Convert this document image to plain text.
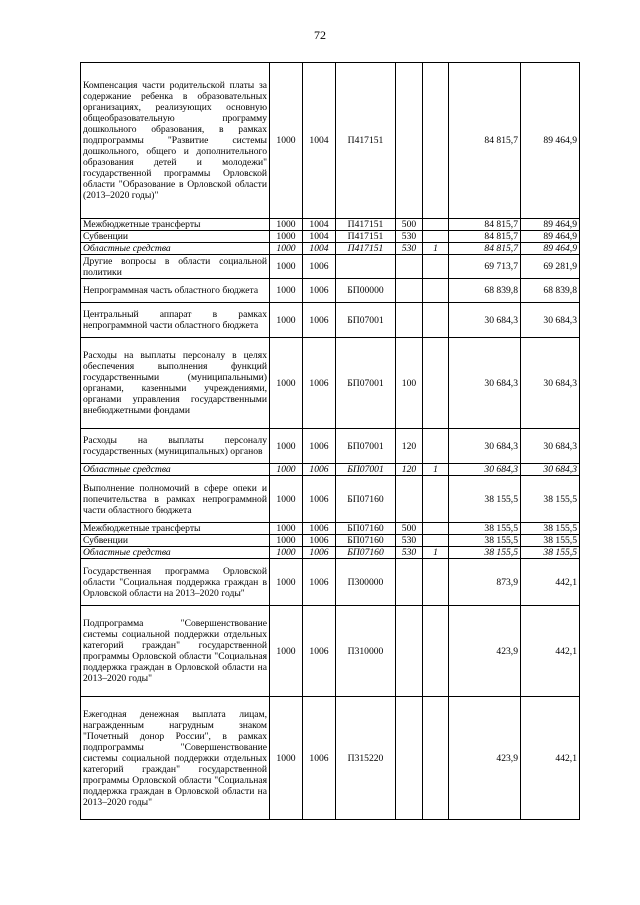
72
Компенсация части родительской платы за содержание ребенка в образовательных организациях, реализующих основную общеобразовательную программу дошкольного образования, в рамках подпрограммы "Развитие системы дошкольного, общего и дополнительного образования детей и молодежи" государственной программы Орловской области "Образование в Орловской области (2013–2020 годы)"	1000	1004	П417151			84 815,7	89 464,9
Межбюджетные трансферты	1000	1004	П417151	500		84 815,7	89 464,9
Субвенции	1000	1004	П417151	530		84 815,7	89 464,9
Областные средства	1000	1004	П417151	530	1	84 815,7	89 464,9
Другие вопросы в области социальной политики	1000	1006				69 713,7	69 281,9
Непрограммная часть областного бюджета	1000	1006	БП00000			68 839,8	68 839,8
Центральный аппарат в рамках непрограммной части областного бюджета	1000	1006	БП07001			30 684,3	30 684,3
Расходы на выплаты персоналу в целях обеспечения выполнения функций государственными (муниципальными) органами, казенными учреждениями, органами управления государственными внебюджетными фондами	1000	1006	БП07001	100		30 684,3	30 684,3
Расходы на выплаты персоналу государственных (муниципальных) органов	1000	1006	БП07001	120		30 684,3	30 684,3
Областные средства	1000	1006	БП07001	120	1	30 684,3	30 684,3
Выполнение полномочий в сфере опеки и попечительства в рамках непрограммной части областного бюджета	1000	1006	БП07160			38 155,5	38 155,5
Межбюджетные трансферты	1000	1006	БП07160	500		38 155,5	38 155,5
Субвенции	1000	1006	БП07160	530		38 155,5	38 155,5
Областные средства	1000	1006	БП07160	530	1	38 155,5	38 155,5
Государственная программа Орловской области "Социальная поддержка граждан в Орловской области на 2013–2020 годы"	1000	1006	П300000			873,9	442,1
Подпрограмма "Совершенствование системы социальной поддержки отдельных категорий граждан" государственной программы Орловской области "Социальная поддержка граждан в Орловской области на 2013–2020 годы"	1000	1006	П310000			423,9	442,1
Ежегодная денежная выплата лицам, награжденным нагрудным знаком "Почетный донор России", в рамках подпрограммы "Совершенствование системы социальной поддержки отдельных категорий граждан" государственной программы Орловской области "Социальная поддержка граждан в Орловской области на 2013–2020 годы"	1000	1006	П315220			423,9	442,1
